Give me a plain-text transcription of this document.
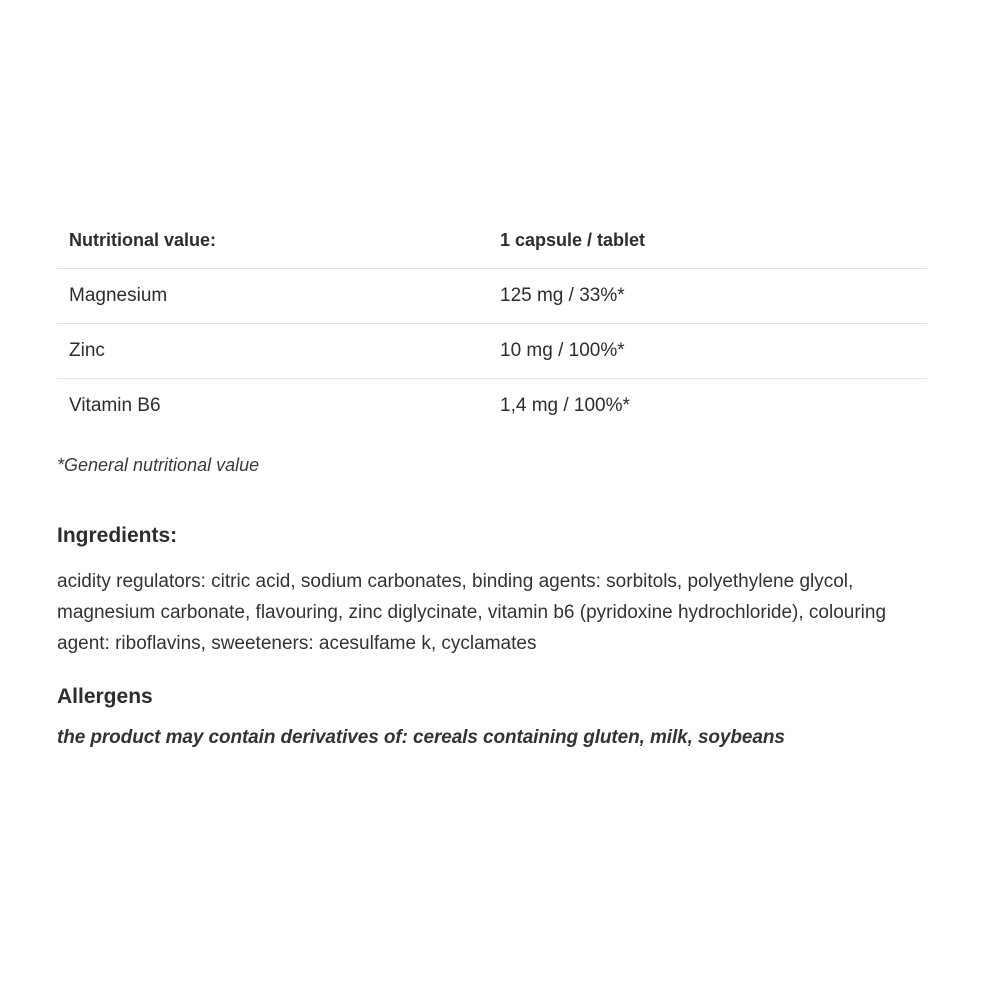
Nutritional value:	1 capsule / tablet
Magnesium	125 mg / 33%*
Zinc	10 mg / 100%*
Vitamin B6	1,4 mg / 100%*

*General nutritional value

Ingredients:

acidity regulators: citric acid, sodium carbonates, binding agents: sorbitols, polyethylene glycol, magnesium carbonate, flavouring, zinc diglycinate, vitamin b6 (pyridoxine hydrochloride), colouring agent: riboflavins, sweeteners: acesulfame k, cyclamates

Allergens

the product may contain derivatives of: cereals containing gluten, milk, soybeans
